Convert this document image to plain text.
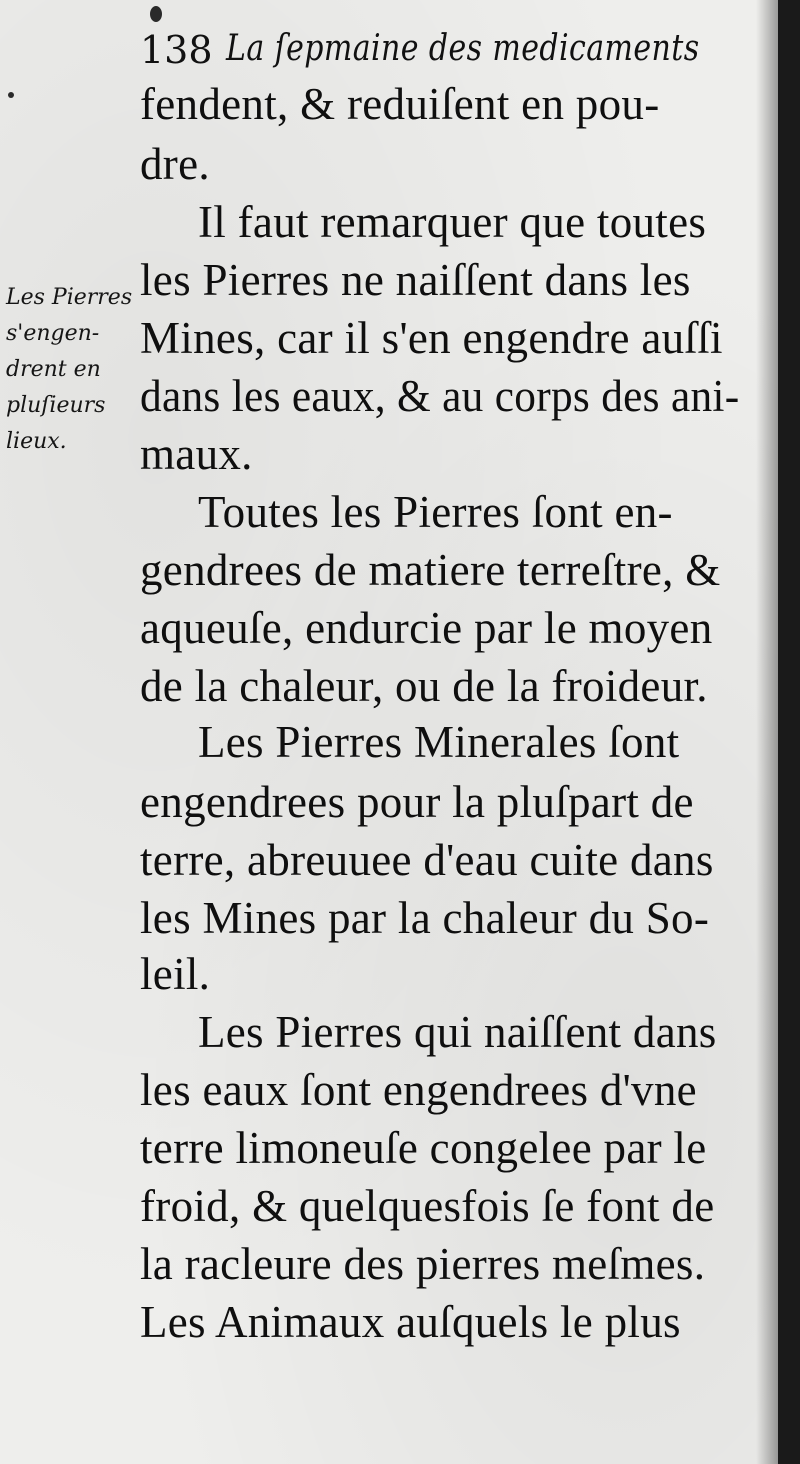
138 La ſepmaine des medicaments
Les Pierres
s'engen-
drent en
pluſieurs
lieux.
fendent, & reduiſent en pou-
dre.
Il faut remarquer que toutes
les Pierres ne naiſſent dans les
Mines, car il s'en engendre auſſi
dans les eaux, & au corps des ani-
maux.
Toutes les Pierres ſont en-
gendrees de matiere terreſtre, &
aqueuſe, endurcie par le moyen
de la chaleur, ou de la froideur.
Les Pierres Minerales ſont
engendrees pour la pluſpart de
terre, abreuuee d'eau cuite dans
les Mines par la chaleur du So-
leil.
Les Pierres qui naiſſent dans
les eaux ſont engendrees d'vne
terre limoneuſe congelee par le
froid, & quelquesfois ſe font de
la racleure des pierres meſmes.
Les Animaux auſquels le plus
